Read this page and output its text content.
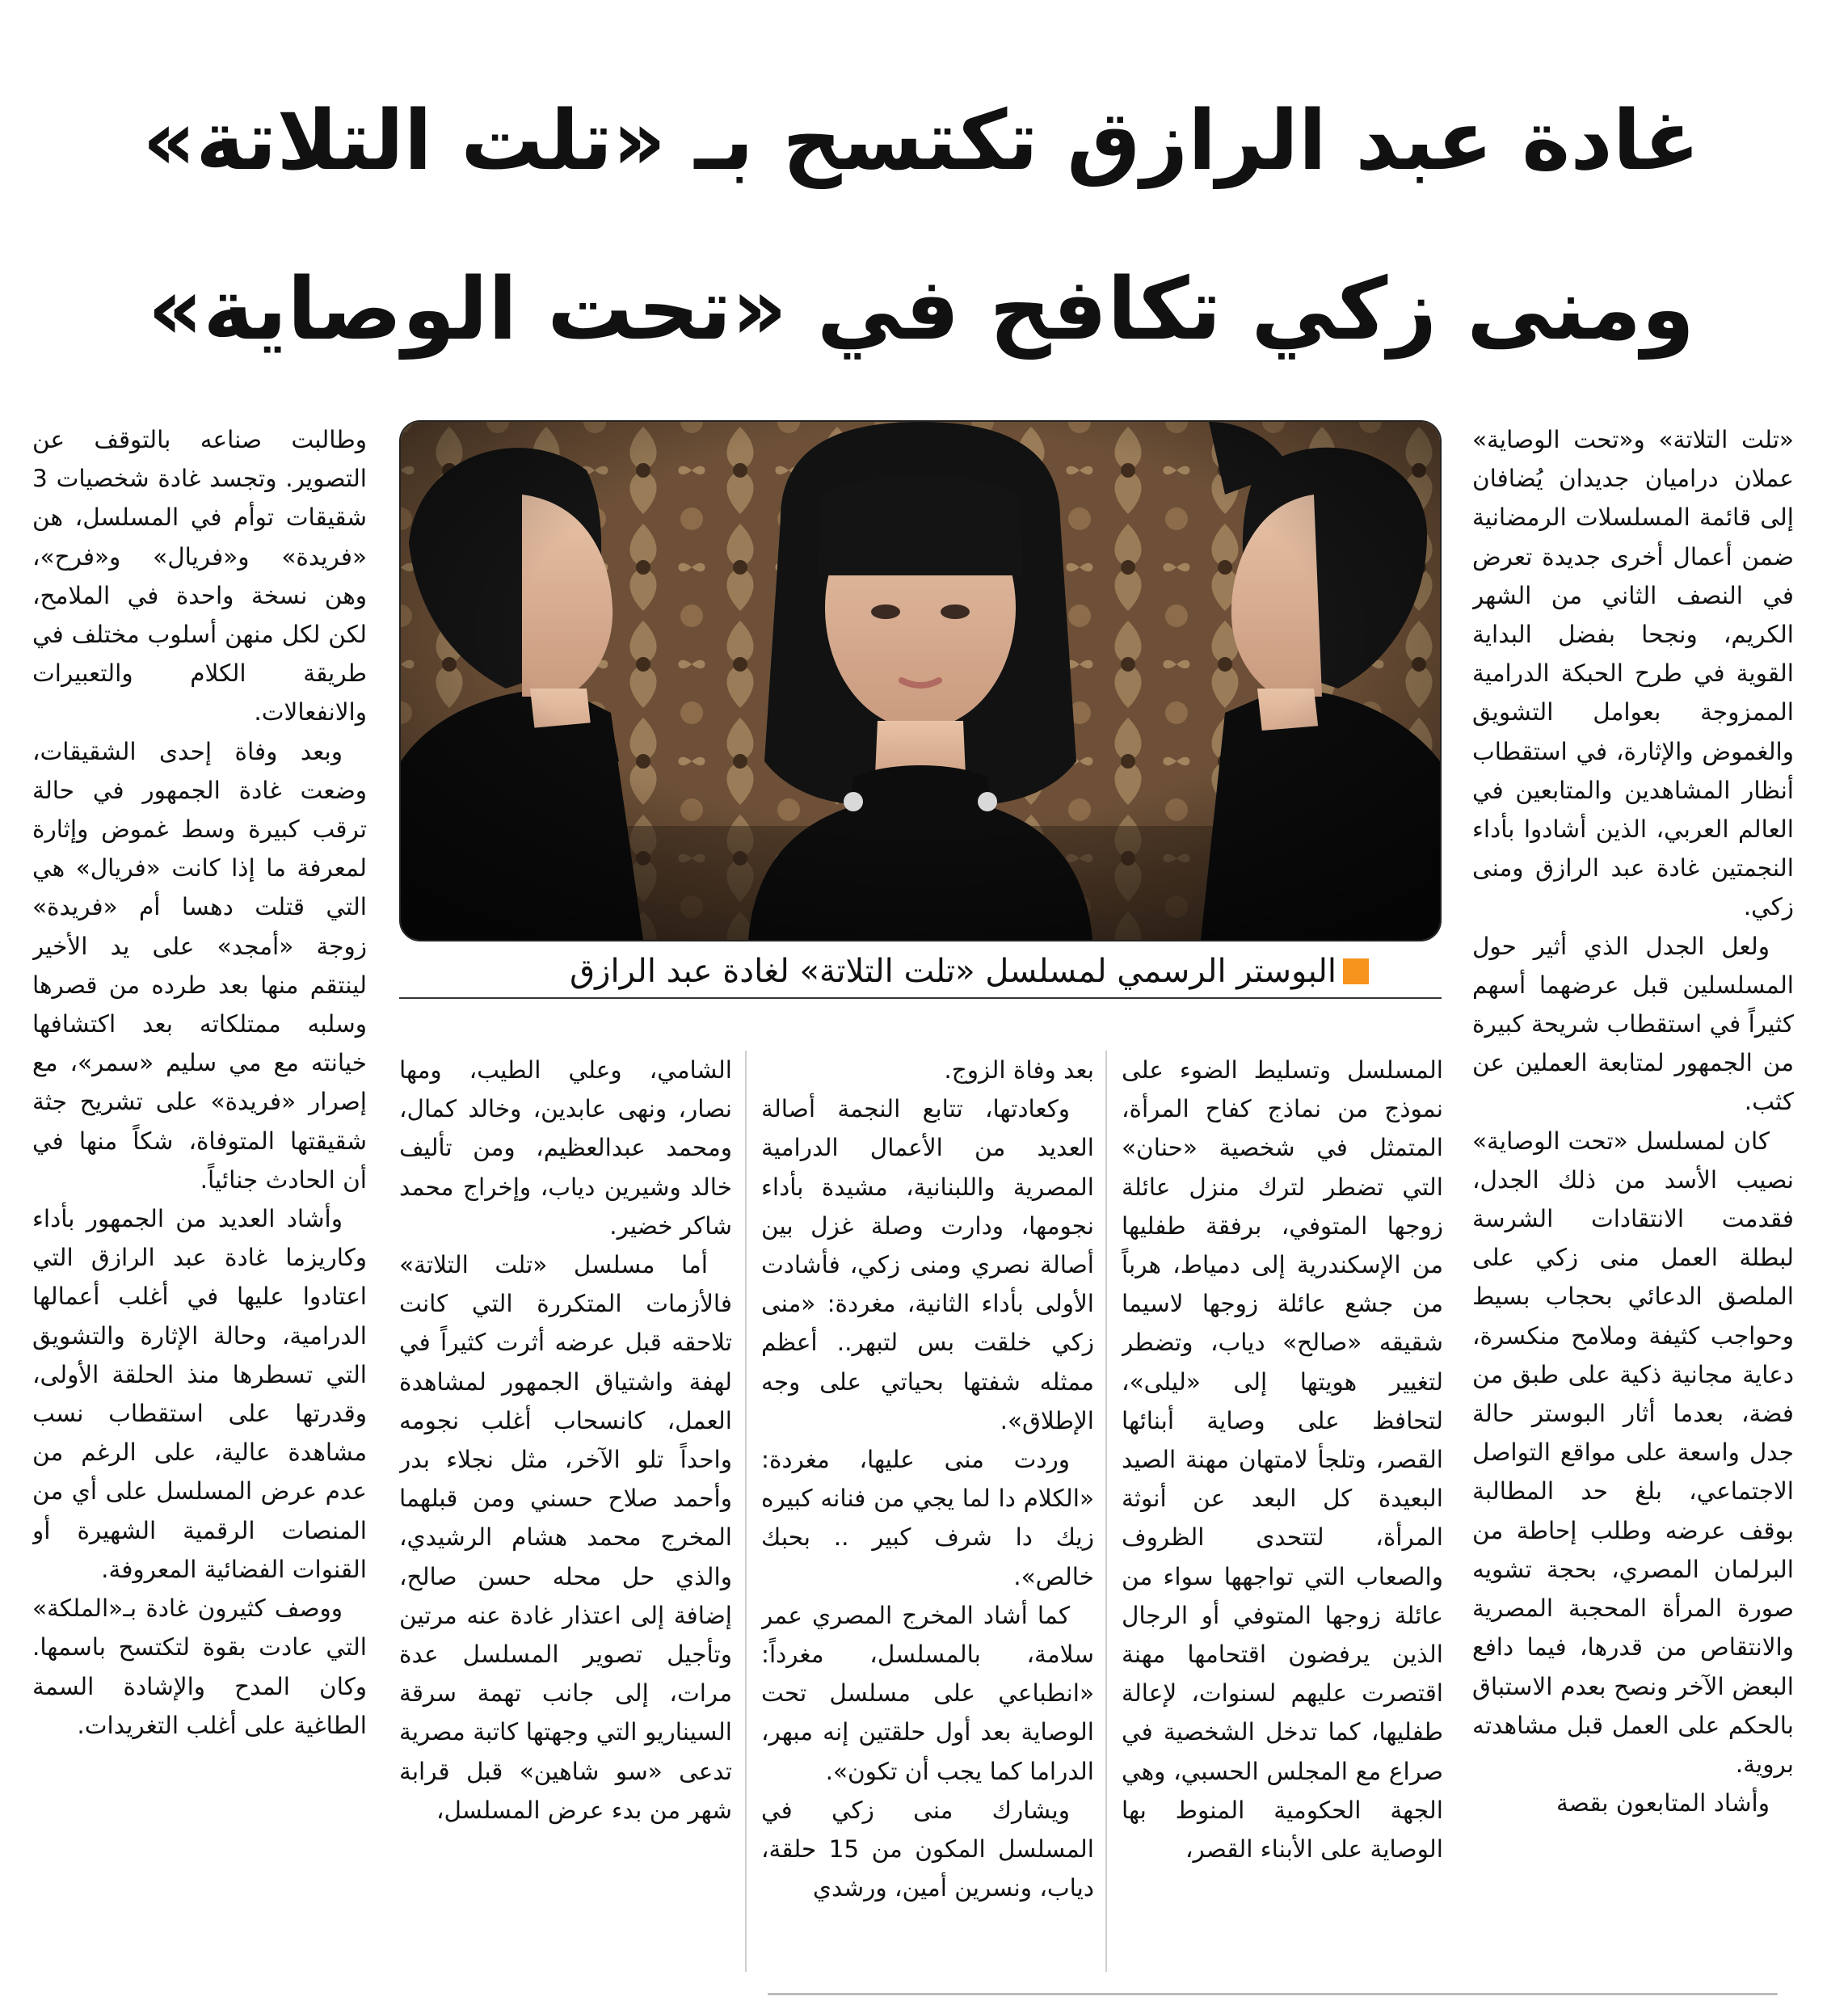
غادة عبد الرازق تكتسح بـ «تلت التلاتة»
ومنى زكي تكافح في «تحت الوصاية»
البوستر الرسمي لمسلسل «تلت التلاتة» لغادة عبد الرازق

«تلت التلاتة» و«تحت الوصاية» عملان دراميان جديدان يُضافان إلى قائمة المسلسلات الرمضانية ضمن أعمال أخرى جديدة تعرض في النصف الثاني من الشهر الكريم، ونجحا بفضل البداية القوية في طرح الحبكة الدرامية الممزوجة بعوامل التشويق والغموض والإثارة، في استقطاب أنظار المشاهدين والمتابعين في العالم العربي، الذين أشادوا بأداء النجمتين غادة عبد الرازق ومنى زكي.

ولعل الجدل الذي أثير حول المسلسلين قبل عرضهما أسهم كثيراً في استقطاب شريحة كبيرة من الجمهور لمتابعة العملين عن كثب.

كان لمسلسل «تحت الوصاية» نصيب الأسد من ذلك الجدل، فقدمت الانتقادات الشرسة لبطلة العمل منى زكي على الملصق الدعائي بحجاب بسيط وحواجب كثيفة وملامح منكسرة، دعاية مجانية ذكية على طبق من فضة، بعدما أثار البوستر حالة جدل واسعة على مواقع التواصل الاجتماعي، بلغ حد المطالبة بوقف عرضه وطلب إحاطة من البرلمان المصري، بحجة تشويه صورة المرأة المحجبة المصرية والانتقاص من قدرها، فيما دافع البعض الآخر ونصح بعدم الاستباق بالحكم على العمل قبل مشاهدته بروية.

وأشاد المتابعون بقصة

المسلسل وتسليط الضوء على نموذج من نماذج كفاح المرأة، المتمثل في شخصية «حنان» التي تضطر لترك منزل عائلة زوجها المتوفي، برفقة طفليها من الإسكندرية إلى دمياط، هرباً من جشع عائلة زوجها لاسيما شقيقه «صالح» دياب، وتضطر لتغيير هويتها إلى «ليلى»، لتحافظ على وصاية أبنائها القصر، وتلجأ لامتهان مهنة الصيد البعيدة كل البعد عن أنوثة المرأة، لتتحدى الظروف والصعاب التي تواجهها سواء من عائلة زوجها المتوفي أو الرجال الذين يرفضون اقتحامها مهنة اقتصرت عليهم لسنوات، لإعالة طفليها، كما تدخل الشخصية في صراع مع المجلس الحسبي، وهي الجهة الحكومية المنوط بها الوصاية على الأبناء القصر،

بعد وفاة الزوج.

وكعادتها، تتابع النجمة أصالة العديد من الأعمال الدرامية المصرية واللبنانية، مشيدة بأداء نجومها، ودارت وصلة غزل بين أصالة نصري ومنى زكي، فأشادت الأولى بأداء الثانية، مغردة: «منى زكي خلقت بس لتبهر.. أعظم ممثله شفتها بحياتي على وجه الإطلاق».

وردت منى عليها، مغردة: «الكلام دا لما يجي من فنانه كبيره زيك دا شرف كبير .. بحبك خالص».

كما أشاد المخرج المصري عمر سلامة، بالمسلسل، مغرداً: «انطباعي على مسلسل تحت الوصاية بعد أول حلقتين إنه مبهر، الدراما كما يجب أن تكون».

ويشارك منى زكي في المسلسل المكون من 15 حلقة، دياب، ونسرين أمين، ورشدي

الشامي، وعلي الطيب، ومها نصار، ونهى عابدين، وخالد كمال، ومحمد عبدالعظيم، ومن تأليف خالد وشيرين دياب، وإخراج محمد شاكر خضير.

أما مسلسل «تلت التلاتة» فالأزمات المتكررة التي كانت تلاحقه قبل عرضه أثرت كثيراً في لهفة واشتياق الجمهور لمشاهدة العمل، كانسحاب أغلب نجومه واحداً تلو الآخر، مثل نجلاء بدر وأحمد صلاح حسني ومن قبلهما المخرج محمد هشام الرشيدي، والذي حل محله حسن صالح، إضافة إلى اعتذار غادة عنه مرتين وتأجيل تصوير المسلسل عدة مرات، إلى جانب تهمة سرقة السيناريو التي وجهتها كاتبة مصرية تدعى «سو شاهين» قبل قرابة شهر من بدء عرض المسلسل،

وطالبت صناعه بالتوقف عن التصوير. وتجسد غادة شخصيات 3 شقيقات توأم في المسلسل، هن «فريدة» و«فريال» و«فرح»، وهن نسخة واحدة في الملامح، لكن لكل منهن أسلوب مختلف في طريقة الكلام والتعبيرات والانفعالات.

وبعد وفاة إحدى الشقيقات، وضعت غادة الجمهور في حالة ترقب كبيرة وسط غموض وإثارة لمعرفة ما إذا كانت «فريال» هي التي قتلت دهسا أم «فريدة» زوجة «أمجد» على يد الأخير لينتقم منها بعد طرده من قصرها وسلبه ممتلكاته بعد اكتشافها خيانته مع مي سليم «سمر»، مع إصرار «فريدة» على تشريح جثة شقيقتها المتوفاة، شكاً منها في أن الحادث جنائياً.

وأشاد العديد من الجمهور بأداء وكاريزما غادة عبد الرازق التي اعتادوا عليها في أغلب أعمالها الدرامية، وحالة الإثارة والتشويق التي تسطرها منذ الحلقة الأولى، وقدرتها على استقطاب نسب مشاهدة عالية، على الرغم من عدم عرض المسلسل على أي من المنصات الرقمية الشهيرة أو القنوات الفضائية المعروفة.

ووصف كثيرون غادة بـ«الملكة» التي عادت بقوة لتكتسح باسمها. وكان المدح والإشادة السمة الطاغية على أغلب التغريدات.
